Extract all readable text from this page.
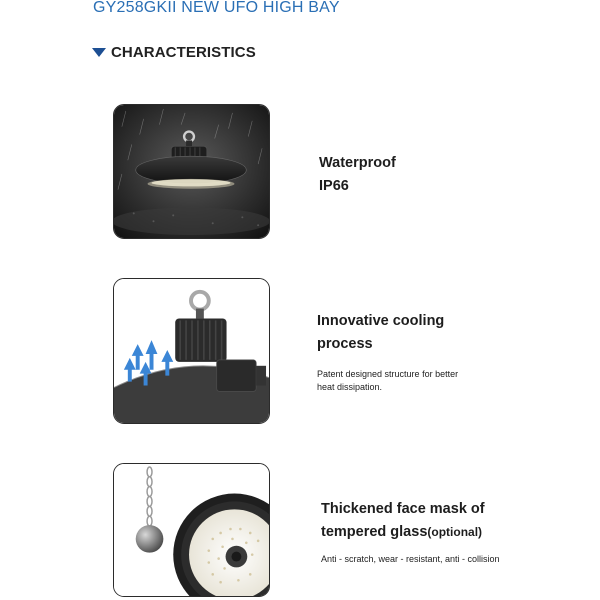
GY258GKII NEW UFO HIGH BAY
CHARACTERISTICS
Waterproof
IP66
Innovative cooling
process
Patent designed structure for better
heat dissipation.
Thickened face mask of
tempered glass(optional)
Anti - scratch, wear - resistant, anti - collision
